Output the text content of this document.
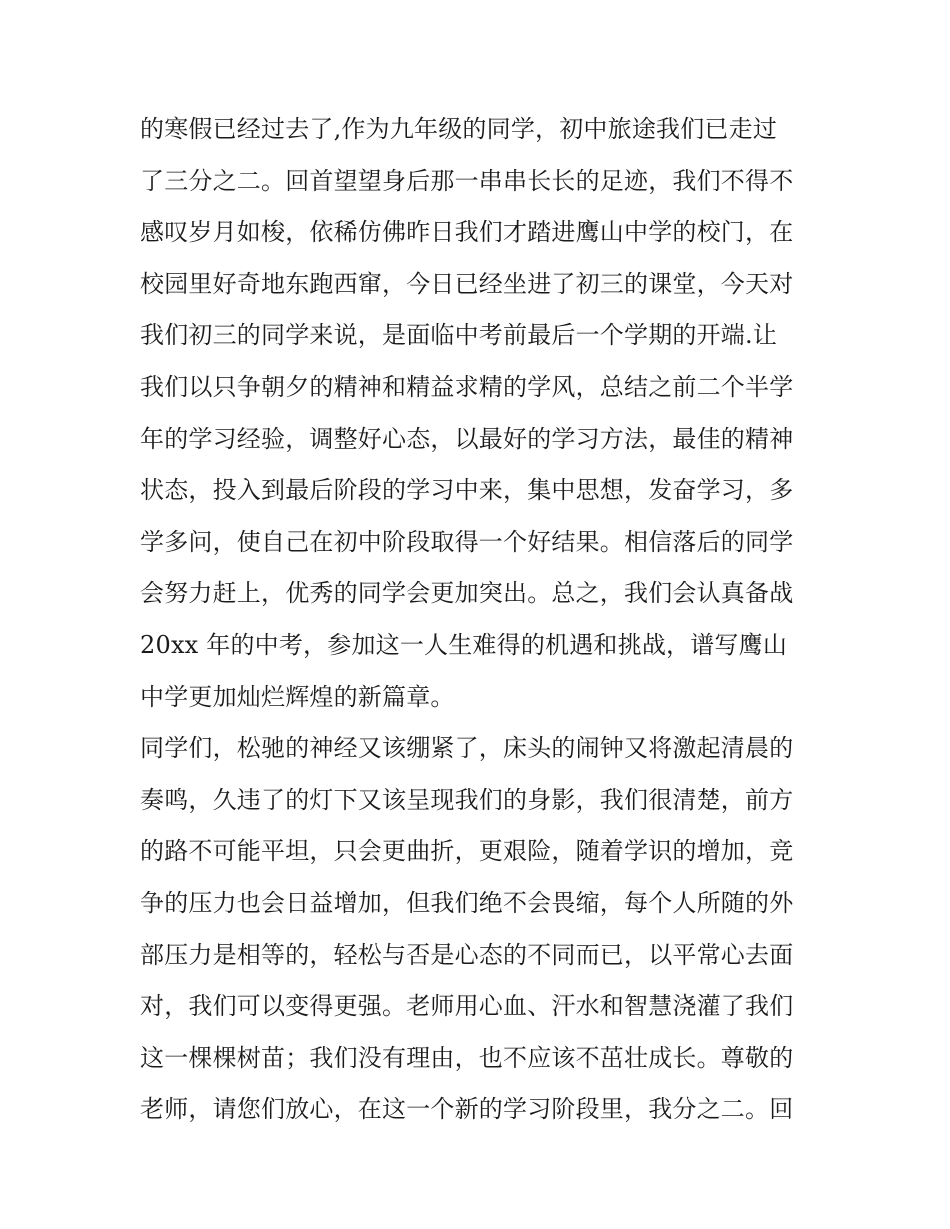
的寒假已经过去了,作为九年级的同学，初中旅途我们已走过
了三分之二。回首望望身后那一串串长长的足迹，我们不得不
感叹岁月如梭，依稀仿佛昨日我们才踏进鹰山中学的校门，在
校园里好奇地东跑西窜，今日已经坐进了初三的课堂，今天对
我们初三的同学来说，是面临中考前最后一个学期的开端.让
我们以只争朝夕的精神和精益求精的学风，总结之前二个半学
年的学习经验，调整好心态，以最好的学习方法，最佳的精神
状态，投入到最后阶段的学习中来，集中思想，发奋学习，多
学多问，使自己在初中阶段取得一个好结果。相信落后的同学
会努力赶上，优秀的同学会更加突出。总之，我们会认真备战
20xx 年的中考，参加这一人生难得的机遇和挑战，谱写鹰山
中学更加灿烂辉煌的新篇章。
同学们，松驰的神经又该绷紧了，床头的闹钟又将激起清晨的
奏鸣，久违了的灯下又该呈现我们的身影，我们很清楚，前方
的路不可能平坦，只会更曲折，更艰险，随着学识的增加，竞
争的压力也会日益增加，但我们绝不会畏缩，每个人所随的外
部压力是相等的，轻松与否是心态的不同而已，以平常心去面
对，我们可以变得更强。老师用心血、汗水和智慧浇灌了我们
这一棵棵树苗；我们没有理由，也不应该不茁壮成长。尊敬的
老师，请您们放心，在这一个新的学习阶段里，我分之二。回
